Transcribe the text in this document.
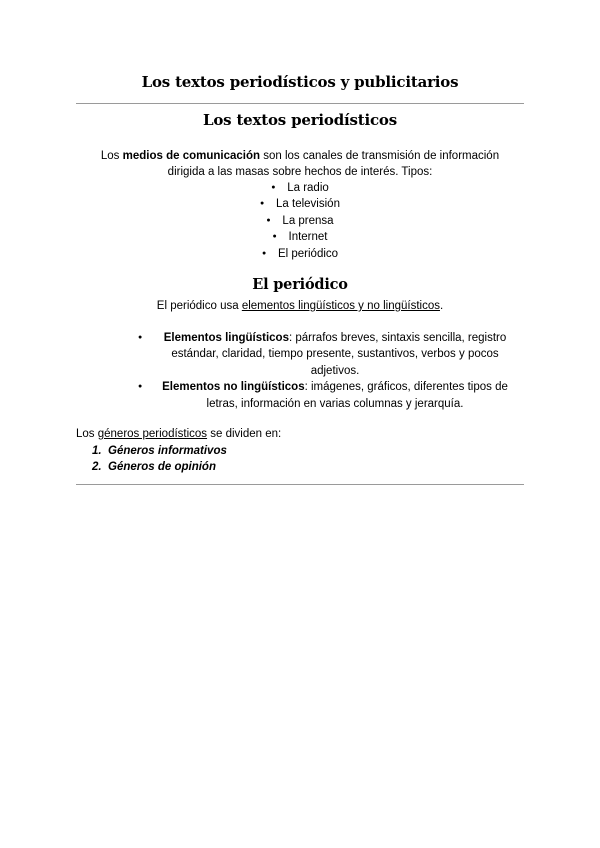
Los textos periodísticos y publicitarios
Los textos periodísticos
Los medios de comunicación son los canales de transmisión de información dirigida a las masas sobre hechos de interés. Tipos:
● La radio
● La televisión
● La prensa
● Internet
● El periódico
El periódico
El periódico usa elementos lingüísticos y no lingüísticos.
● Elementos lingüísticos: párrafos breves, sintaxis sencilla, registro estándar, claridad, tiempo presente, sustantivos, verbos y pocos adjetivos.
● Elementos no lingüísticos: imágenes, gráficos, diferentes tipos de letras, información en varias columnas y jerarquía.
Los géneros periodísticos se dividen en:
1. Géneros informativos
2. Géneros de opinión
